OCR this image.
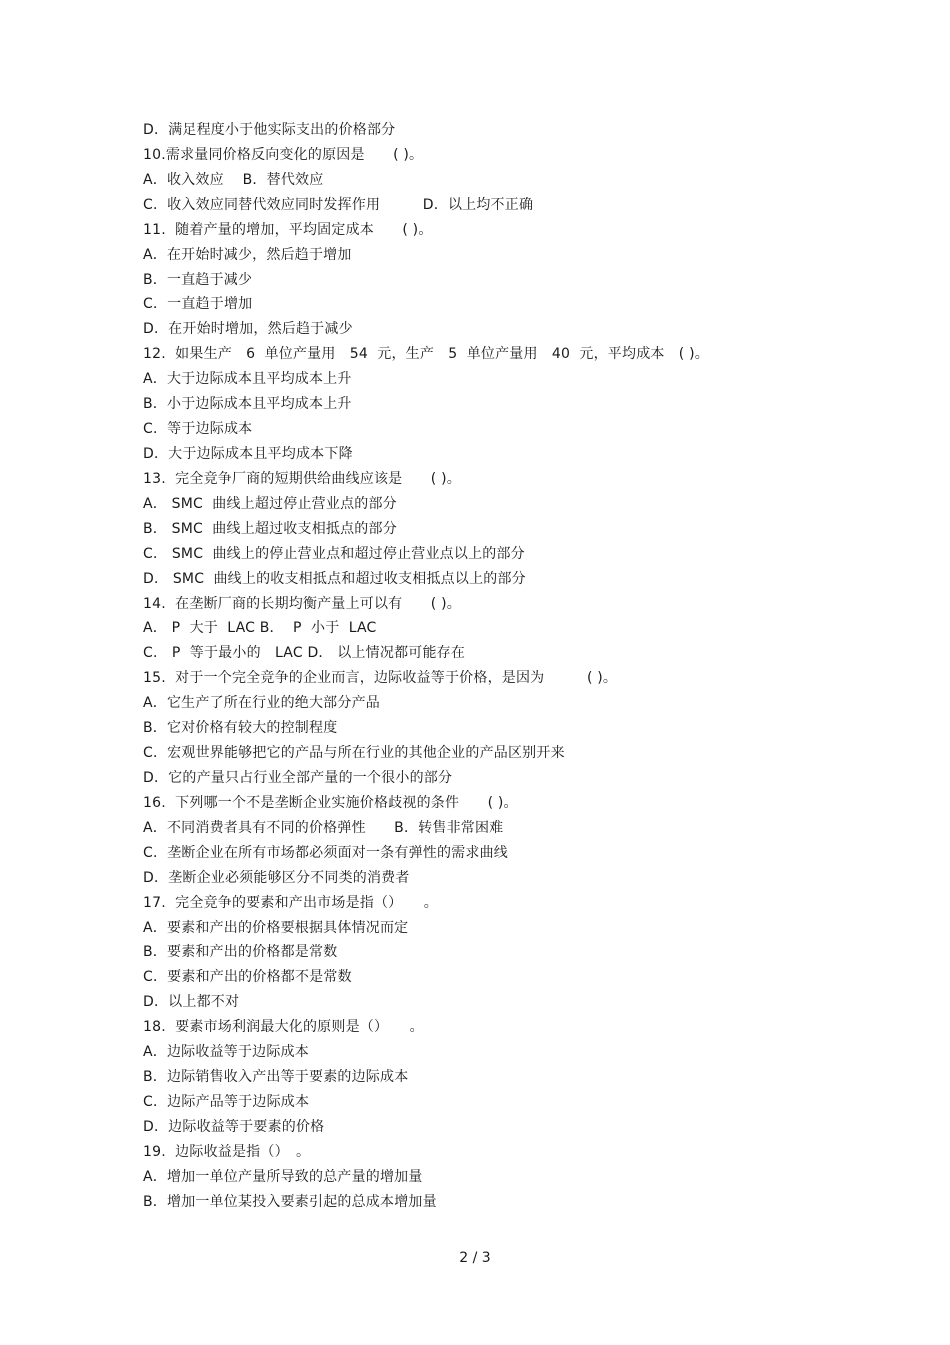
D．满足程度小于他实际支出的价格部分
10.需求量同价格反向变化的原因是　　( )。
A．收入效应　 B．替代效应
C．收入效应同替代效应同时发挥作用　　　D．以上均不正确
11.  随着产量的增加，平均固定成本　　( )。
A．在开始时减少，然后趋于增加
B．一直趋于减少
C．一直趋于增加
D．在开始时增加，然后趋于减少
12.  如果生产　6  单位产量用　54  元，生产　5  单位产量用　40  元，平均成本　( )。
A．大于边际成本且平均成本上升
B．小于边际成本且平均成本上升
C．等于边际成本
D．大于边际成本且平均成本下降
13.  完全竞争厂商的短期供给曲线应该是　　( )。
A． SMC  曲线上超过停止营业点的部分
B． SMC  曲线上超过收支相抵点的部分
C． SMC  曲线上的停止营业点和超过停止营业点以上的部分
D． SMC  曲线上的收支相抵点和超过收支相抵点以上的部分
14.  在垄断厂商的长期均衡产量上可以有　　( )。
A． P  大于  LAC B．  P  小于  LAC
C． P  等于最小的　LAC D． 以上情况都可能存在
15.  对于一个完全竞争的企业而言，边际收益等于价格，是因为　　　( )。
A．它生产了所在行业的绝大部分产品
B．它对价格有较大的控制程度
C．宏观世界能够把它的产品与所在行业的其他企业的产品区别开来
D．它的产量只占行业全部产量的一个很小的部分
16.  下列哪一个不是垄断企业实施价格歧视的条件　　( )。
A．不同消费者具有不同的价格弹性　　B．转售非常困难
C．垄断企业在所有市场都必须面对一条有弹性的需求曲线
D．垄断企业必须能够区分不同类的消费者
17.  完全竞争的要素和产出市场是指（）　　。
A．要素和产出的价格要根据具体情况而定
B．要素和产出的价格都是常数
C．要素和产出的价格都不是常数
D．以上都不对
18.  要素市场利润最大化的原则是（）　　。
A．边际收益等于边际成本
B．边际销售收入产出等于要素的边际成本
C．边际产品等于边际成本
D．边际收益等于要素的价格
19.  边际收益是指（）　。
A．增加一单位产量所导致的总产量的增加量
B．增加一单位某投入要素引起的总成本增加量
2 / 3
